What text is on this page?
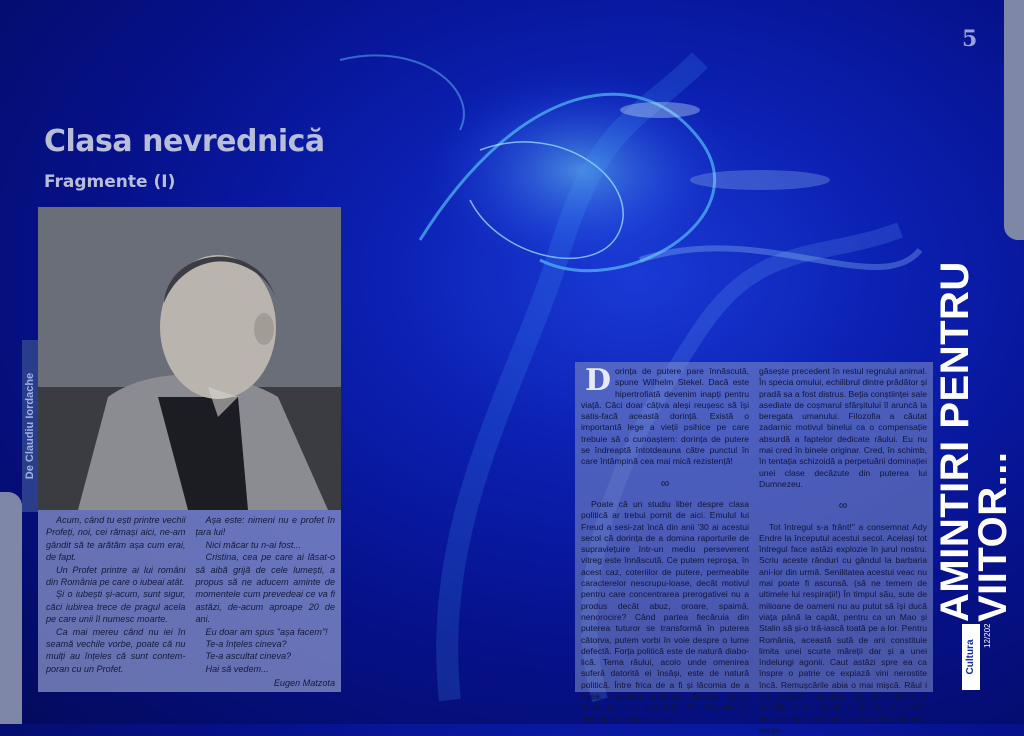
5
Clasa nevrednică
Fragmente (I)
De Claudiu Iordache

Acum, când tu ești printre vechii Profeți, noi, cei rămași aici, ne-am gândit să te arătăm așa cum erai, de fapt.

Un Profet printre ai lui români din România pe care o iubeai atât.

Și o iubești și-acum, sunt sigur, căci iubirea trece de pragul acela pe care unii îl numesc moarte.

Ca mai mereu când nu iei în seamă vechile vorbe, poate că nu mulți au înțeles că sunt contem-poran cu un Profet.

Așa este: nimeni nu e profet în țara lui!

Nici măcar tu n-ai fost...

Cristina, cea pe care ai lăsat-o să aibă grijă de cele lumești, a propus să ne aducem aminte de momentele cum prevedeai ce va fi astăzi, de-acum aproape 20 de ani.

Eu doar am spus "așa facem"!

Te-a înțeles cineva?

Te-a ascultat cineva?

Hai să vedem...

Eugen Matzota

Dorința de putere pare înnăscută, spune Wilhelm Stekel. Dacă este hipertrofiată devenim inapți pentru viață. Căci doar câțiva aleși reușesc să își satis-facă această dorință. Există o importantă lege a vieții psihice pe care trebuie să o cunoaștem: dorința de putere se îndreaptă întotdeauna către punctul în care întâmpină cea mai mică rezistență!

∞

Poate că un studiu liber despre clasa politică ar trebui pornit de aici. Emulul lui Freud a sesi-zat încă din anii '30 ai acestui secol că dorința de a domina raporturile de supraviețuire într-un mediu perseverent vitreg este înnăscută. Ce putem reproșa, în acest caz, coteriilor de putere, permeabile caracterelor nescrupu-loase, decât motivul pentru care concentrarea prerogativei nu a produs decât abuz, oroare, spaimă, nenorocire? Când partea fiecăruia din puterea tuturor se transformă în puterea câtorva, putem vorbi în voie despre o lume defectă. Forța politică este de natură diabo-lică. Tema răului, acolo unde omenirea suferă datorită ei însăși, este de natură politică. Între frica de a fi și lăcomia de a avea, originarul omenesc rămâne mereu amenințat din lăun-trul său. Exercitarea violențelor sociale nu-și

găsește precedent în restul regnului animal. În specia omului, echilibrul dintre prădător și pradă sa a fost distrus. Bețiа conștiinței sale asediate de coșmarul sfârșitului îl aruncă la beregata umanului. Filozofia a căutat zadarnic motivul binelui ca o compensație absurdă a faptelor dedicate răului. Eu nu mai cred în binele originar. Cred, în schimb, în tentația schizoidă a perpetuării dominației unei clase decăzute din puterea lui Dumnezeu.

∞

Tot întregul s-a frânt!" a consemnat Ady Endre la începutul acestui secol. Același tot întregul face astăzi explozie în jurul nostru. Scriu aceste rânduri cu gândul la barbaria ani-lor din urmă. Senilitatea acestui veac nu mai poate fi ascunsă. (să ne temem de ultimele lui respirații!) În timpul său, sute de milioane de oameni nu au putut să își ducă viața până la capăt, pentru ca un Mao și Stalin să și-o tră-iască toată pe a lor. Pentru România, această sută de ani constituie limita unei scurte măreții dar și a unei îndelungi agonii. Caut astăzi spre ea ca înspre o patrie ce expiază vini nerostite încă. Remușcările abia o mai mișcă. Răul i s-a instalat înăuntru. Nu am întâlnit o definiție mai nimerită a acestui rău decât cea pe care involuntar a dat-o Dan Stanca, recen-

AMINTIRI PENTRU
VIITOR...
Cultura
12/202
